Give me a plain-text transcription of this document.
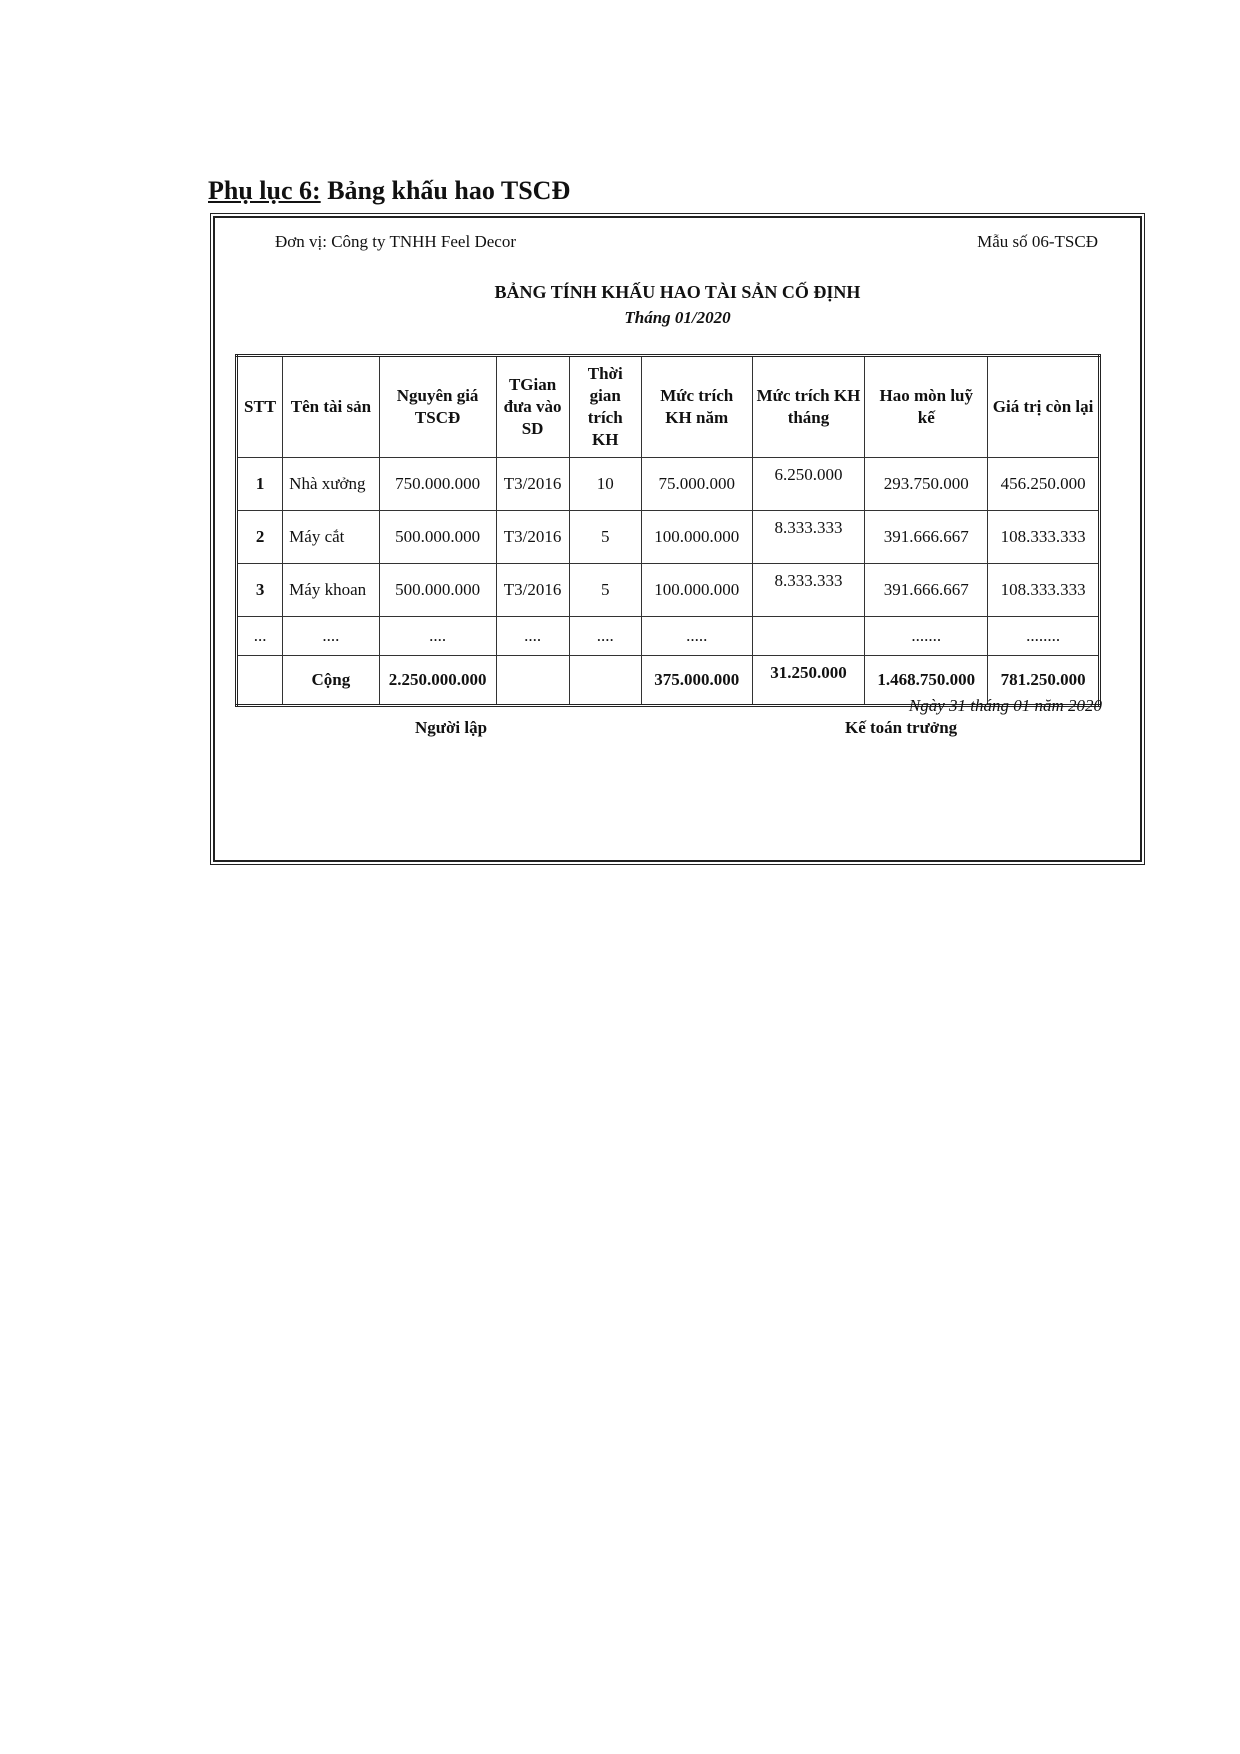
Phụ lục 6: Bảng khấu hao TSCĐ
Đơn vị: Công ty TNHH Feel Decor	Mẫu số 06-TSCĐ
BẢNG TÍNH KHẤU HAO TÀI SẢN CỐ ĐỊNH
Tháng 01/2020
STT	Tên tài sản	Nguyên giá TSCĐ	TGian đưa vào SD	Thời gian trích KH	Mức trích KH năm	Mức trích KH tháng	Hao mòn luỹ kế	Giá trị còn lại
1	Nhà xưởng	750.000.000	T3/2016	10	75.000.000	6.250.000	293.750.000	456.250.000
2	Máy cắt	500.000.000	T3/2016	5	100.000.000	8.333.333	391.666.667	108.333.333
3	Máy khoan	500.000.000	T3/2016	5	100.000.000	8.333.333	391.666.667	108.333.333
...	....	....	....	....	.....		.......	........
	Cộng	2.250.000.000			375.000.000	31.250.000	1.468.750.000	781.250.000
Ngày 31 tháng 01 năm 2020
Người lập	Kế toán trưởng
